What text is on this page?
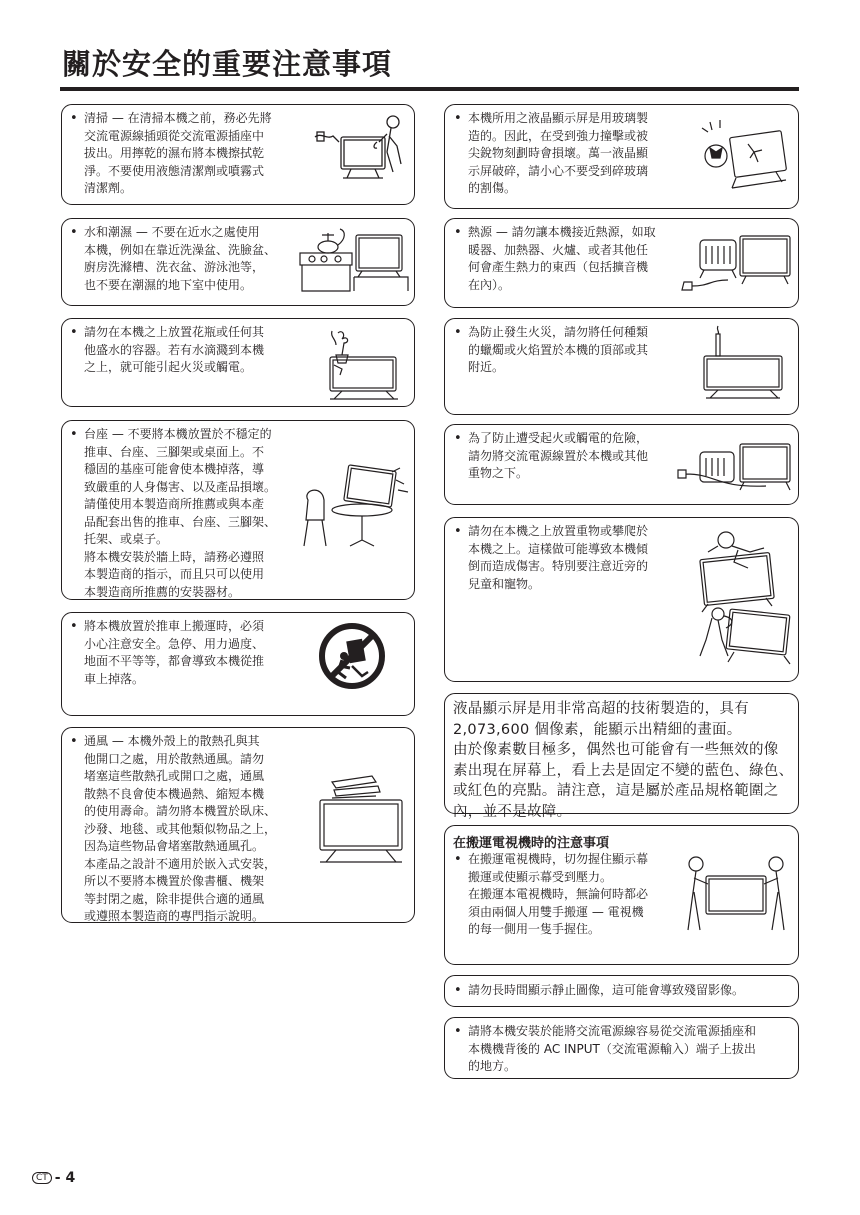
關於安全的重要注意事項
• 清掃 — 在清掃本機之前，務必先將
交流電源線插頭從交流電源插座中
拔出。用擰乾的濕布將本機擦拭乾
淨。不要使用液態清潔劑或噴霧式
清潔劑。
• 水和潮濕 — 不要在近水之處使用
本機，例如在靠近洗澡盆、洗臉盆、
廚房洗滌槽、洗衣盆、游泳池等，
也不要在潮濕的地下室中使用。
• 請勿在本機之上放置花瓶或任何其
他盛水的容器。若有水滴濺到本機
之上，就可能引起火災或觸電。
• 台座 — 不要將本機放置於不穩定的
推車、台座、三腳架或桌面上。不
穩固的基座可能會使本機掉落，導
致嚴重的人身傷害、以及產品損壞。
請僅使用本製造商所推薦或與本產
品配套出售的推車、台座、三腳架、
托架、或桌子。
將本機安裝於牆上時，請務必遵照
本製造商的指示，而且只可以使用
本製造商所推薦的安裝器材。
• 將本機放置於推車上搬運時，必須
小心注意安全。急停、用力過度、
地面不平等等，都會導致本機從推
車上掉落。
• 通風 — 本機外殼上的散熱孔與其
他開口之處，用於散熱通風。請勿
堵塞這些散熱孔或開口之處，通風
散熱不良會使本機過熱、縮短本機
的使用壽命。請勿將本機置於臥床、
沙發、地毯、或其他類似物品之上，
因為這些物品會堵塞散熱通風孔。
本產品之設計不適用於嵌入式安裝，
所以不要將本機置於像書櫃、機架
等封閉之處，除非提供合適的通風
或遵照本製造商的專門指示說明。
• 本機所用之液晶顯示屏是用玻璃製
造的。因此，在受到強力撞擊或被
尖銳物刻劃時會損壞。萬一液晶顯
示屏破碎，請小心不要受到碎玻璃
的割傷。
• 熱源 — 請勿讓本機接近熱源，如取
暖器、加熱器、火爐、或者其他任
何會產生熱力的東西（包括擴音機
在內）。
• 為防止發生火災，請勿將任何種類
的蠟燭或火焰置於本機的頂部或其
附近。
• 為了防止遭受起火或觸電的危險，
請勿將交流電源線置於本機或其他
重物之下。
• 請勿在本機之上放置重物或攀爬於
本機之上。這樣做可能導致本機傾
倒而造成傷害。特別要注意近旁的
兒童和寵物。
液晶顯示屏是用非常高超的技術製造的，具有
2,073,600 個像素，能顯示出精細的畫面。
由於像素數目極多，偶然也可能會有一些無效的像
素出現在屏幕上，看上去是固定不變的藍色、綠色、
或紅色的亮點。請注意，這是屬於產品規格範圍之
內，並不是故障。
在搬運電視機時的注意事項
• 在搬運電視機時，切勿握住顯示幕
搬運或使顯示幕受到壓力。
在搬運本電視機時，無論何時都必
須由兩個人用雙手搬運 — 電視機
的每一側用一隻手握住。
• 請勿長時間顯示靜止圖像，這可能會導致殘留影像。
• 請將本機安裝於能將交流電源線容易從交流電源插座和
本機機背後的 AC INPUT（交流電源輸入）端子上拔出
的地方。
CT - 4
